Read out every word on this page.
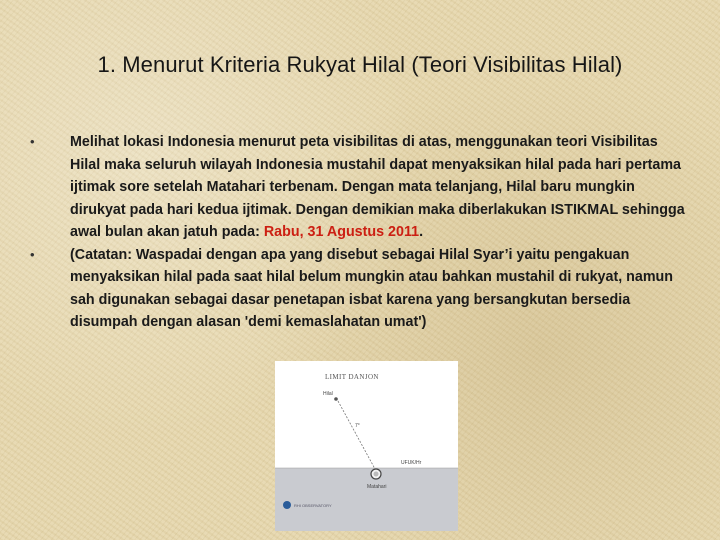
1. Menurut Kriteria Rukyat Hilal (Teori Visibilitas Hilal)
•	Melihat lokasi Indonesia menurut peta visibilitas di atas, menggunakan teori Visibilitas Hilal maka seluruh wilayah Indonesia mustahil dapat menyaksikan hilal pada hari pertama ijtimak sore setelah Matahari terbenam. Dengan mata telanjang, Hilal baru mungkin dirukyat pada hari kedua ijtimak. Dengan demikian maka diberlakukan ISTIKMAL sehingga awal bulan akan jatuh pada: Rabu, 31 Agustus 2011.
•	(Catatan: Waspadai dengan apa yang disebut sebagai Hilal Syar’i yaitu pengakuan menyaksikan hilal pada saat hilal belum mungkin atau bahkan mustahil di rukyat, namun sah digunakan sebagai dasar penetapan isbat karena yang bersangkutan bersedia disumpah dengan alasan 'demi kemaslahatan umat')
LIMIT DANJON
Hilal
7°
UFUK/Hr
Matahari
RHI OBSERVATORY
